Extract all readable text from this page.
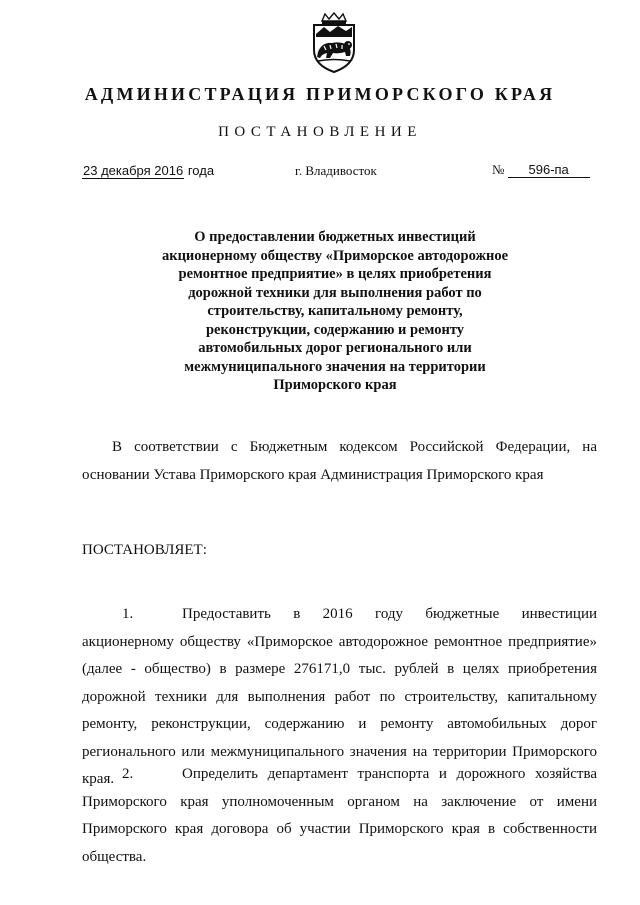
АДМИНИСТРАЦИЯ ПРИМОРСКОГО КРАЯ
ПОСТАНОВЛЕНИЕ
23 декабря 2016 года	г. Владивосток	№ 596-па
О предоставлении бюджетных инвестиций
акционерному обществу «Приморское автодорожное
ремонтное предприятие» в целях приобретения
дорожной техники для выполнения работ по
строительству, капитальному ремонту,
реконструкции, содержанию и ремонту
автомобильных дорог регионального или
межмуниципального значения на территории
Приморского края
В соответствии с Бюджетным кодексом Российской Федерации, на основании Устава Приморского края Администрация Приморского края
ПОСТАНОВЛЯЕТ:
1.	Предоставить в 2016 году бюджетные инвестиции акционерному обществу «Приморское автодорожное ремонтное предприятие» (далее - общество) в размере 276171,0 тыс. рублей в целях приобретения дорожной техники для выполнения работ по строительству, капитальному ремонту, реконструкции, содержанию и ремонту автомобильных дорог регионального или межмуниципального значения на территории Приморского края. 2.	Определить департамент транспорта и дорожного хозяйства Приморского края уполномоченным органом на заключение от имени Приморского края договора об участии Приморского края в собственности общества.
